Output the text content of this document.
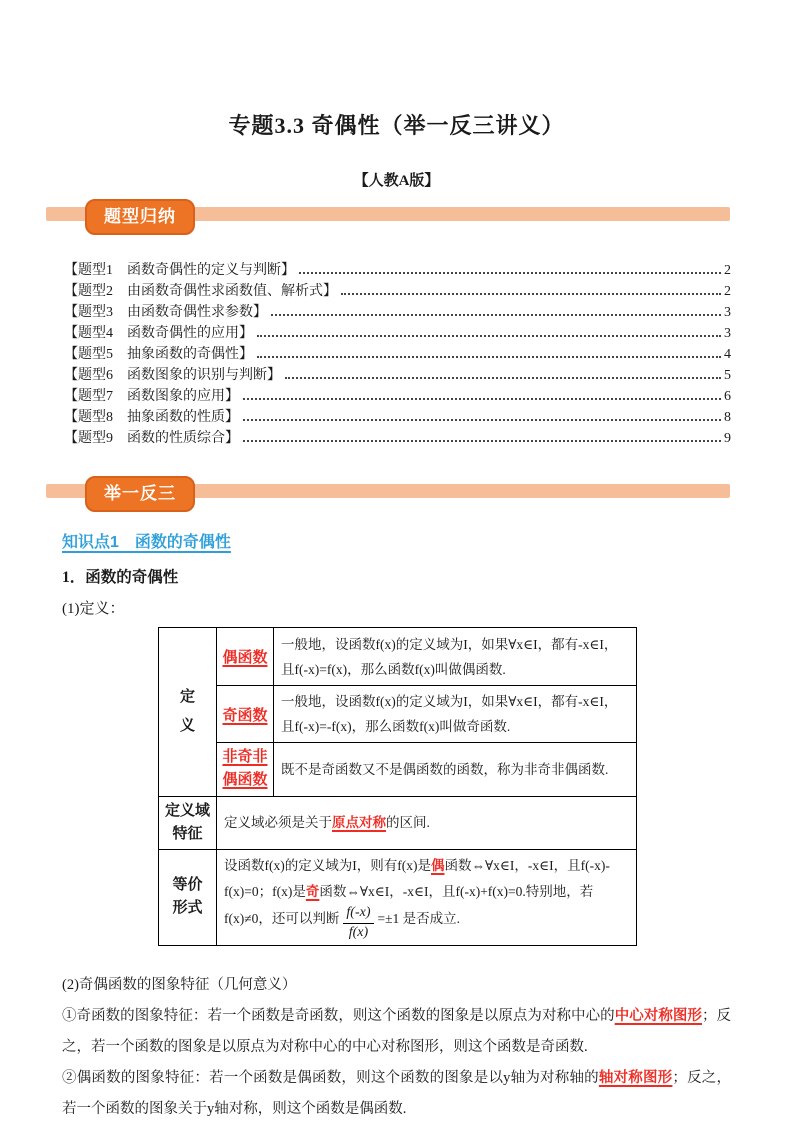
专题3.3 奇偶性（举一反三讲义）
【人教A版】
题型归纳
【题型1　函数奇偶性的定义与判断】	2
【题型2　由函数奇偶性求函数值、解析式】	2
【题型3　由函数奇偶性求参数】	3
【题型4　函数奇偶性的应用】	3
【题型5　抽象函数的奇偶性】	4
【题型6　函数图象的识别与判断】	5
【题型7　函数图象的应用】	6
【题型8　抽象函数的性质】	8
【题型9　函数的性质综合】	9
举一反三
知识点1　函数的奇偶性
1．函数的奇偶性
(1)定义：
定义	偶函数	一般地，设函数f(x)的定义域为I，如果∀x∈I，都有-x∈I，且f(-x)=f(x)，那么函数f(x)叫做偶函数.
	奇函数	一般地，设函数f(x)的定义域为I，如果∀x∈I，都有-x∈I，且f(-x)=-f(x)，那么函数f(x)叫做奇函数.
	非奇非偶函数	既不是奇函数又不是偶函数的函数，称为非奇非偶函数.
定义域特征	定义域必须是关于原点对称的区间.	
等价形式	设函数f(x)的定义域为I，则有f(x)是偶函数⇔∀x∈I，-x∈I，且f(-x)-f(x)=0；f(x)是奇函数⇔∀x∈I，-x∈I，且f(-x)+f(x)=0.特别地，若f(x)≠0，还可以判断 $\frac{f(-x)}{f(x)} =\pm 1$ 是否成立.	

(2)奇偶函数的图象特征（几何意义）

①奇函数的图象特征：若一个函数是奇函数，则这个函数的图象是以原点为对称中心的中心对称图形；反之，若一个函数的图象是以原点为对称中心的中心对称图形，则这个函数是奇函数.

②偶函数的图象特征：若一个函数是偶函数，则这个函数的图象是以y轴为对称轴的轴对称图形；反之，若一个函数的图象关于y轴对称，则这个函数是偶函数.
